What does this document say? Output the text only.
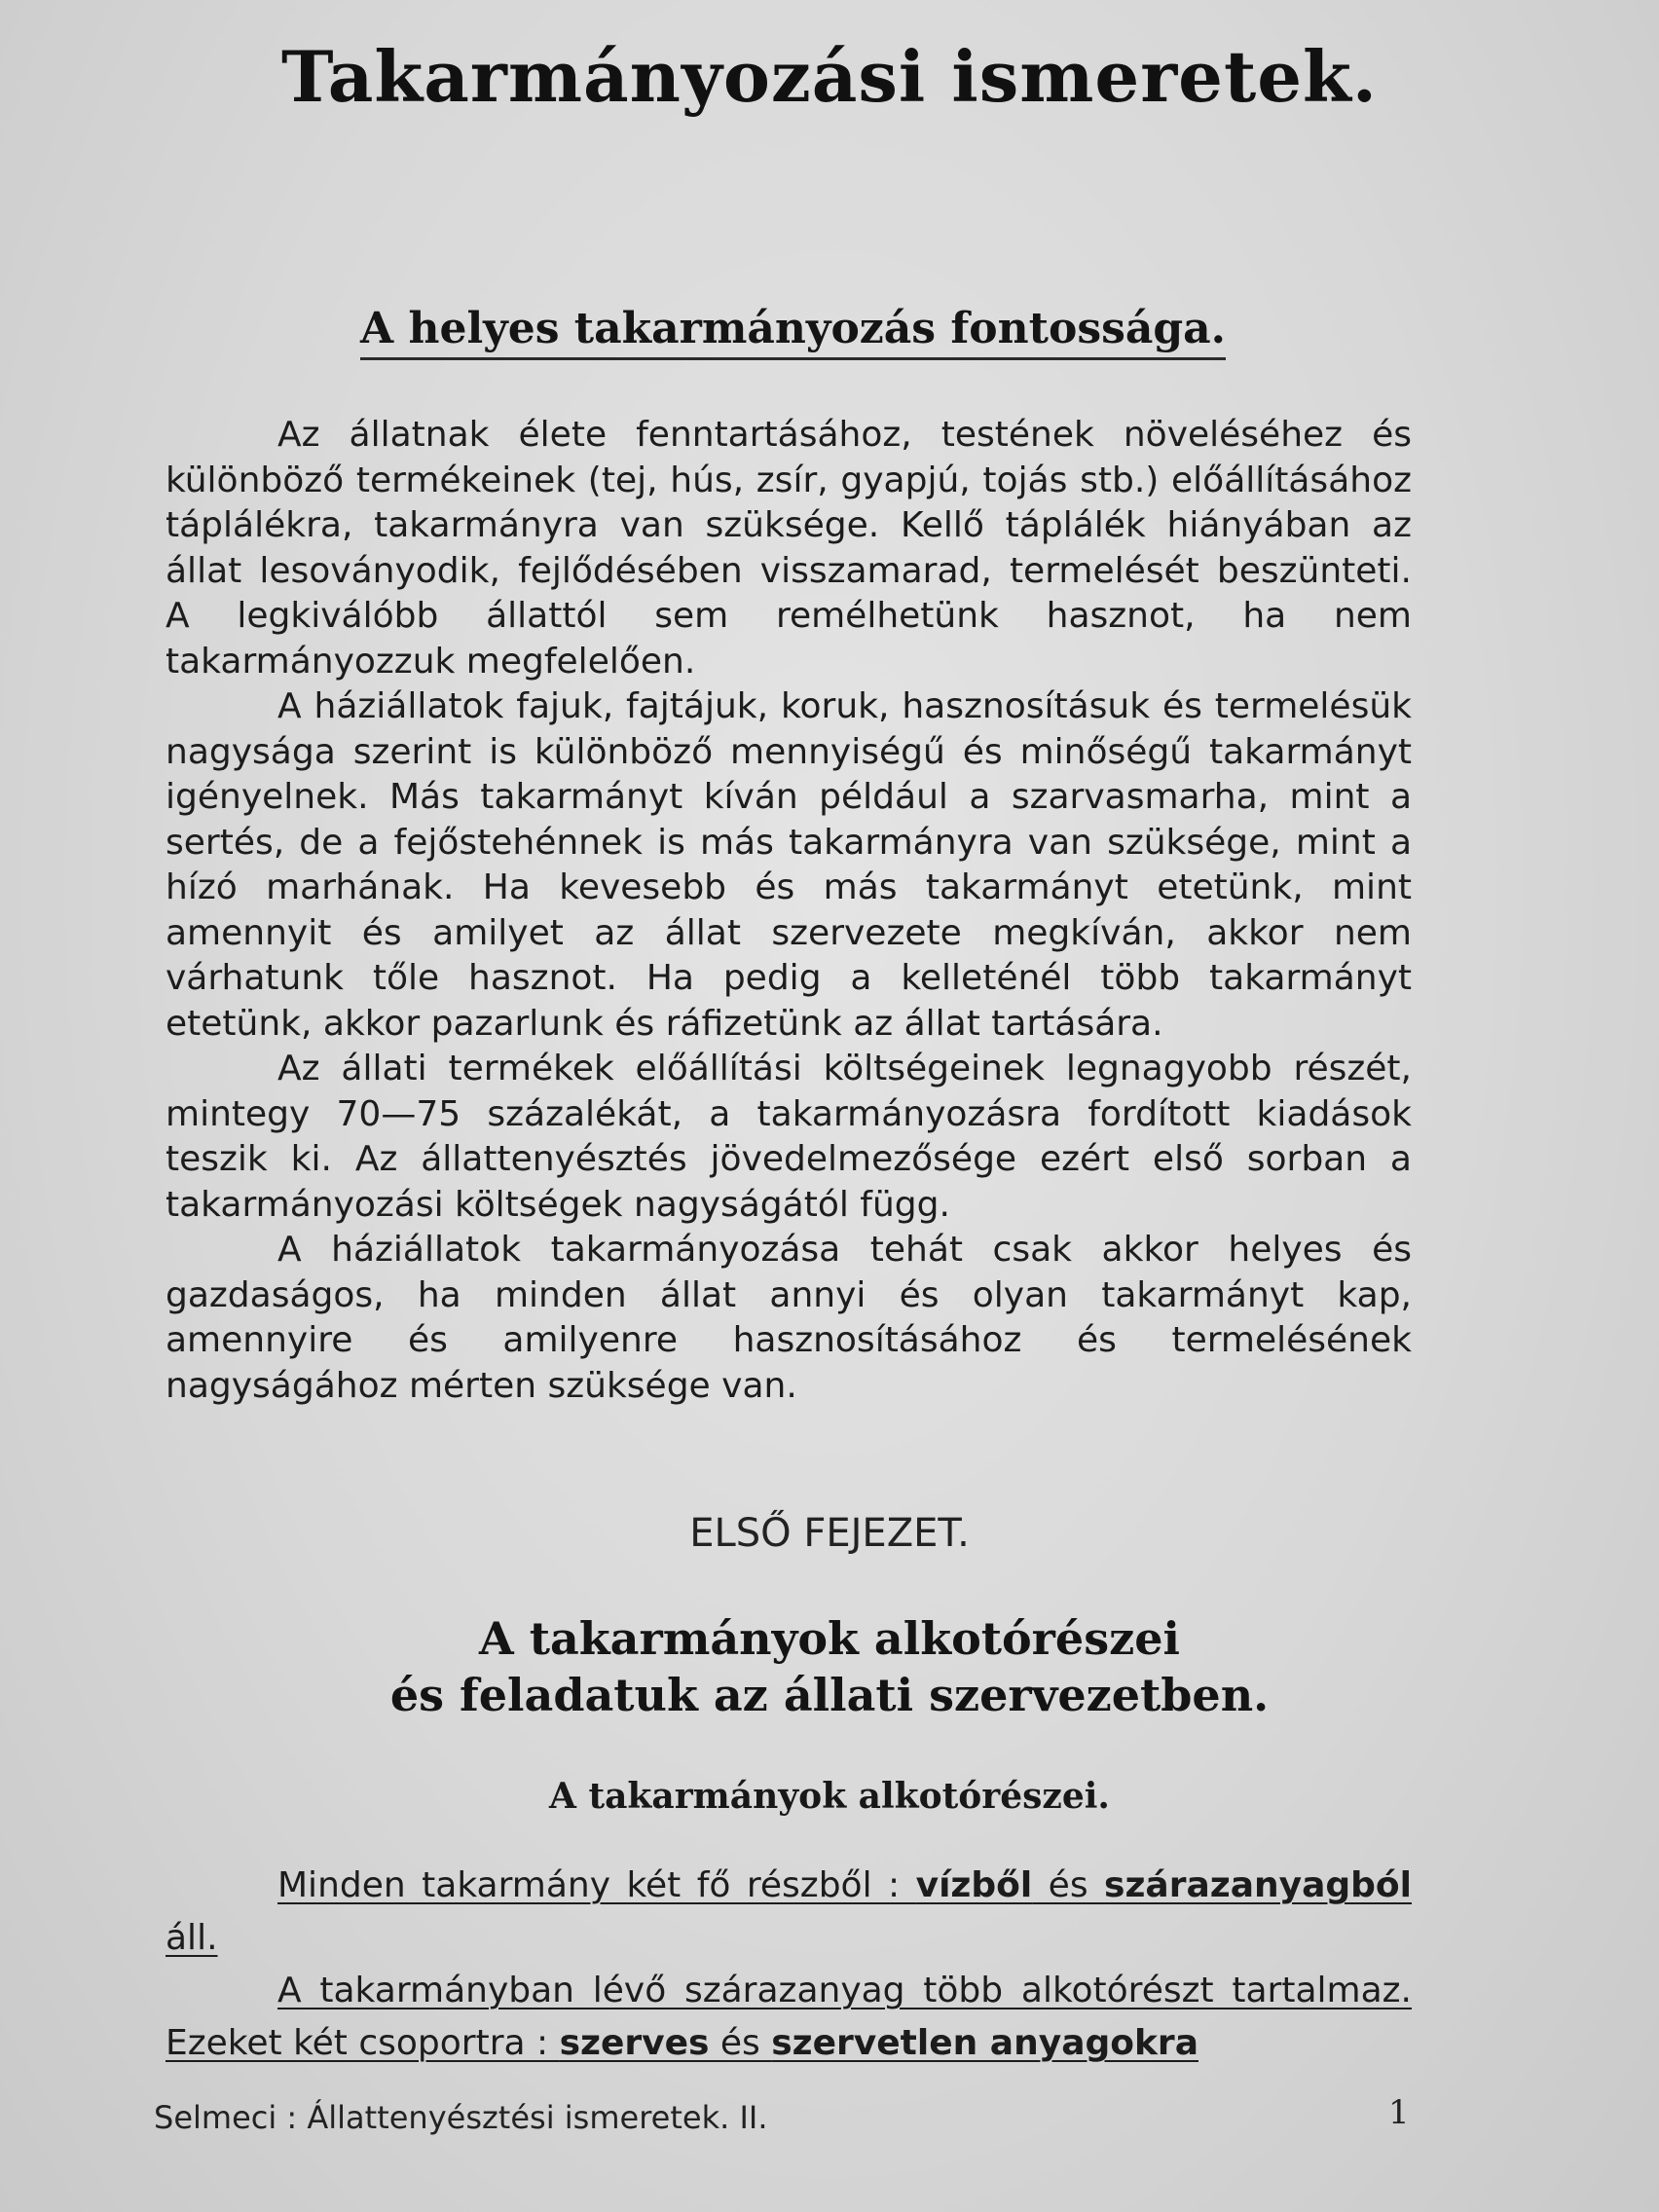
Takarmányozási ismeretek.
A helyes takarmányozás fontossága.

Az állatnak élete fenntartásához, testének növeléséhez és különböző termékeinek (tej, hús, zsír, gyapjú, tojás stb.) előállításához táplálékra, takarmányra van szüksége. Kellő táplálék hiányában az állat lesoványodik, fejlődésében visszamarad, termelését beszünteti. A legkiválóbb állattól sem remélhetünk hasznot, ha nem takarmányozzuk megfelelően.

A háziállatok fajuk, fajtájuk, koruk, hasznosításuk és termelésük nagysága szerint is különböző mennyiségű és minőségű takarmányt igényelnek. Más takarmányt kíván például a szarvasmarha, mint a sertés, de a fejőstehénnek is más takarmányra van szüksége, mint a hízó marhának. Ha kevesebb és más takarmányt etetünk, mint amennyit és amilyet az állat szervezete megkíván, akkor nem várhatunk tőle hasznot. Ha pedig a kelleténél több takarmányt etetünk, akkor pazarlunk és ráfizetünk az állat tartására.

Az állati termékek előállítási költségeinek legnagyobb részét, mintegy 70—75 százalékát, a takarmányozásra fordított kiadások teszik ki. Az állattenyésztés jövedelmezősége ezért első sorban a takarmányozási költségek nagyságától függ.

A háziállatok takarmányozása tehát csak akkor helyes és gazdaságos, ha minden állat annyi és olyan takarmányt kap, amennyire és amilyenre hasznosításához és termelésének nagyságához mérten szüksége van.

ELSŐ FEJEZET.
A takarmányok alkotórészei
és feladatuk az állati szervezetben.
A takarmányok alkotórészei.

Minden takarmány két fő részből : vízből és szárazanyagból áll.

A takarmányban lévő szárazanyag több alkotórészt tartalmaz. Ezeket két csoportra : szerves és szervetlen anyagokra

Selmeci : Állattenyésztési ismeretek. II.	1
